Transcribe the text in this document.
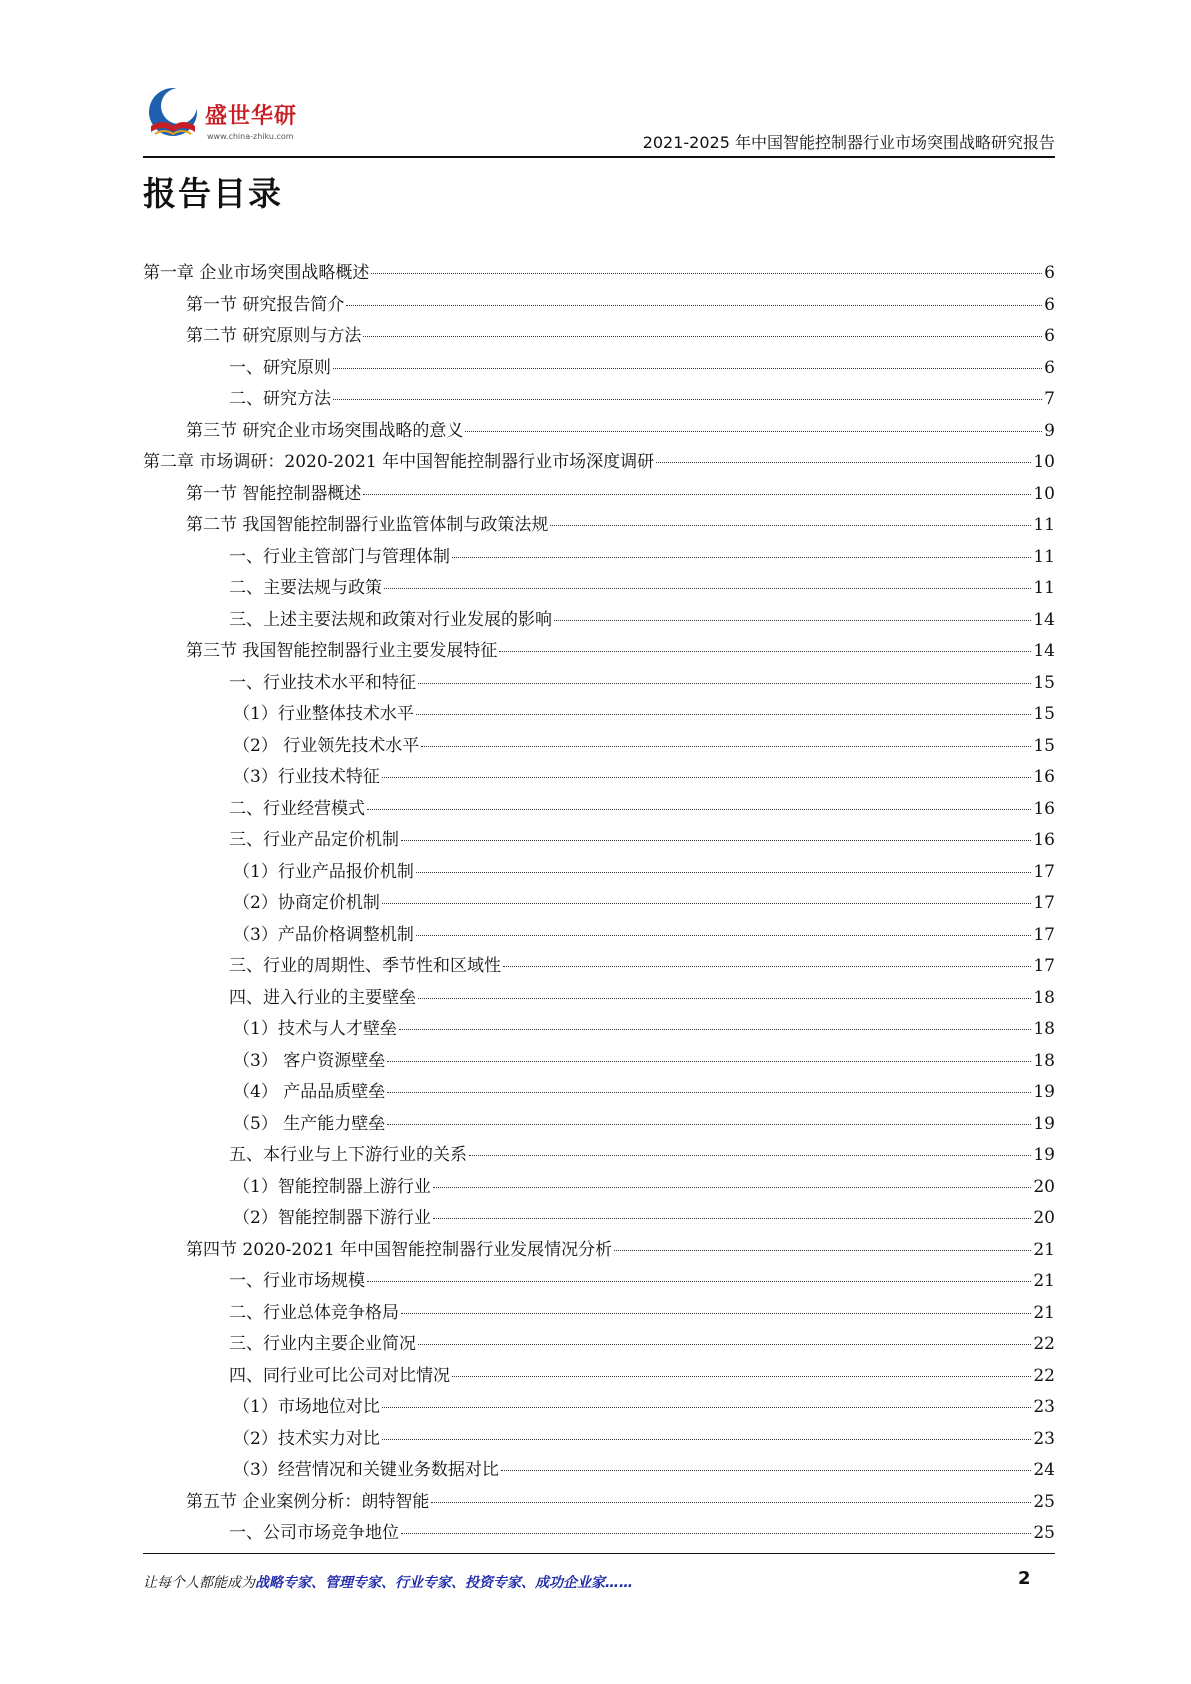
盛世华研
www.china-zhiku.com	2021-2025 年中国智能控制器行业市场突围战略研究报告
报告目录
第一章 企业市场突围战略概述	6
第一节 研究报告简介	6
第二节 研究原则与方法	6
一、研究原则	6
二、研究方法	7
第三节 研究企业市场突围战略的意义	9
第二章 市场调研：2020-2021 年中国智能控制器行业市场深度调研	10
第一节 智能控制器概述	10
第二节 我国智能控制器行业监管体制与政策法规	11
一、行业主管部门与管理体制	11
二、主要法规与政策	11
三、上述主要法规和政策对行业发展的影响	14
第三节 我国智能控制器行业主要发展特征	14
一、行业技术水平和特征	15
（1）行业整体技术水平	15
（2） 行业领先技术水平	15
（3）行业技术特征	16
二、行业经营模式	16
三、行业产品定价机制	16
（1）行业产品报价机制	17
（2）协商定价机制	17
（3）产品价格调整机制	17
三、行业的周期性、季节性和区域性	17
四、进入行业的主要壁垒	18
（1）技术与人才壁垒	18
（3） 客户资源壁垒	18
（4） 产品品质壁垒	19
（5） 生产能力壁垒	19
五、本行业与上下游行业的关系	19
（1）智能控制器上游行业	20
（2）智能控制器下游行业	20
第四节 2020-2021 年中国智能控制器行业发展情况分析	21
一、行业市场规模	21
二、行业总体竞争格局	21
三、行业内主要企业简况	22
四、同行业可比公司对比情况	22
（1）市场地位对比	23
（2）技术实力对比	23
（3）经营情况和关键业务数据对比	24
第五节 企业案例分析：朗特智能	25
一、公司市场竞争地位	25
让每个人都能成为战略专家、管理专家、行业专家、投资专家、成功企业家……	2
